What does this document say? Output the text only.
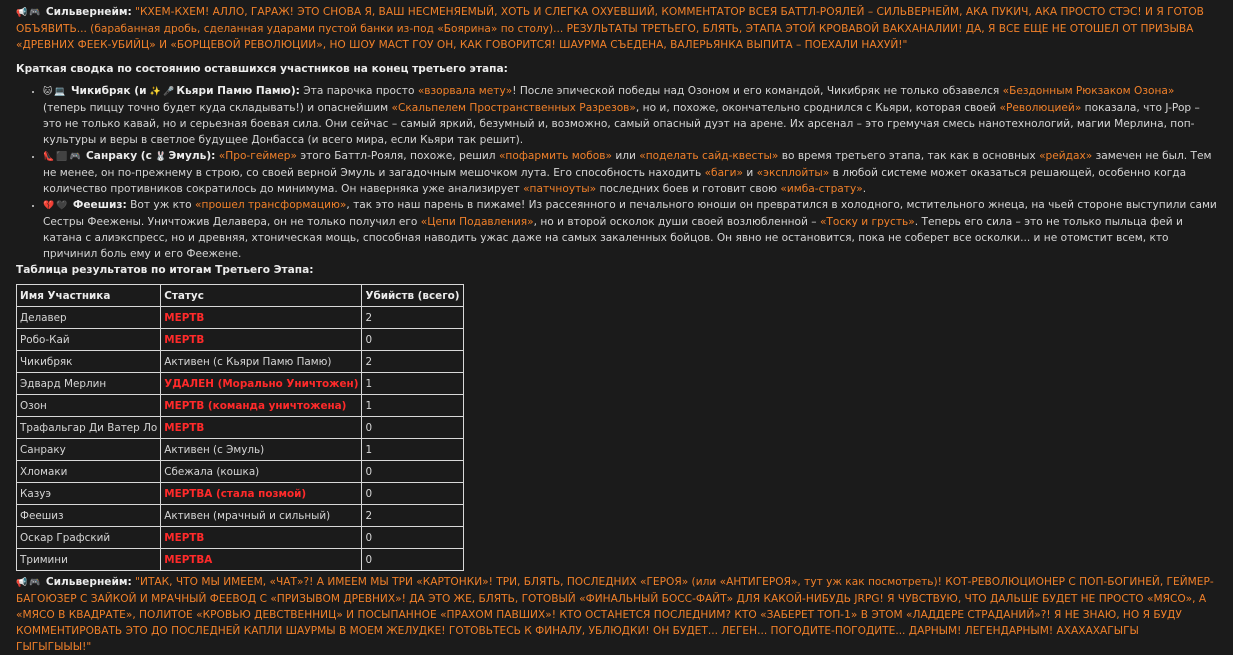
📢 🎮 Сильвернейм: "КХЕМ-КХЕМ! АЛЛО, ГАРАЖ! ЭТО СНОВА Я, ВАШ НЕСМЕНЯЕМЫЙ, ХОТЬ И СЛЕГКА ОХУЕВШИЙ, КОММЕНТАТОР ВСЕЯ БАТТЛ-РОЯЛЕЙ – СИЛЬВЕРНЕЙМ, АКА ПУКИЧ, АКА ПРОСТО СТЭС! И Я ГОТОВ ОБЪЯВИТЬ... (барабанная дробь, сделанная ударами пустой банки из-под «Боярина» по столу)... РЕЗУЛЬТАТЫ ТРЕТЬЕГО, БЛЯТЬ, ЭТАПА ЭТОЙ КРОВАВОЙ ВАКХАНАЛИИ! ДА, Я ВСЕ ЕЩЕ НЕ ОТОШЕЛ ОТ ПРИЗЫВА «ДРЕВНИХ ФЕЕК-УБИЙЦ» И «БОРЩЕВОЙ РЕВОЛЮЦИИ», НО ШОУ МАСТ ГОУ ОН, КАК ГОВОРИТСЯ! ШАУРМА СЪЕДЕНА, ВАЛЕРЬЯНКА ВЫПИТА – ПОЕХАЛИ НАХУЙ!"

Краткая сводка по состоянию оставшихся участников на конец третьего этапа:

• 🐱 💻 Чикибряк (и ✨ 🎤 Кьяри Памю Памю): Эта парочка просто «взорвала мету»! После эпической победы над Озоном и его командой, Чикибряк не только обзавелся «Бездонным Рюкзаком Озона» (теперь пиццу точно будет куда складывать!) и опаснейшим «Скальпелем Пространственных Разрезов», но и, похоже, окончательно сроднился с Кьяри, которая своей «Революцией» показала, что J-Pop – это не только кавай, но и серьезная боевая сила. Они сейчас – самый яркий, безумный и, возможно, самый опасный дуэт на арене. Их арсенал – это гремучая смесь нанотехнологий, магии Мерлина, поп-культуры и веры в светлое будущее Донбасса (и всего мира, если Кьяри так решит).
• 👠 ⬛ 🎮 Санраку (с 🐰 Эмуль): «Про-геймер» этого Баттл-Рояля, похоже, решил «пофармить мобов» или «поделать сайд-квесты» во время третьего этапа, так как в основных «рейдах» замечен не был. Тем не менее, он по-прежнему в строю, со своей верной Эмуль и загадочным мешочком лута. Его способность находить «баги» и «эксплойты» в любой системе может оказаться решающей, особенно когда количество противников сократилось до минимума. Он наверняка уже анализирует «патчноуты» последних боев и готовит свою «имба-страту».
• 💔 🖤 Феешиз: Вот уж кто «прошел трансформацию», так это наш парень в пижаме! Из рассеянного и печального юноши он превратился в холодного, мстительного жнеца, на чьей стороне выступили сами Сестры Феежены. Уничтожив Делавера, он не только получил его «Цепи Подавления», но и второй осколок души своей возлюбленной – «Тоску и грусть». Теперь его сила – это не только пыльца фей и катана с алиэкспресс, но и древняя, хтоническая мощь, способная наводить ужас даже на самых закаленных бойцов. Он явно не остановится, пока не соберет все осколки... и не отомстит всем, кто причинил боль ему и его Феежене.

Таблица результатов по итогам Третьего Этапа:

Имя Участника	Статус	Убийств (всего)
Делавер	МЕРТВ	2
Робо-Кай	МЕРТВ	0
Чикибряк	Активен (с Кьяри Памю Памю)	2
Эдвард Мерлин	УДАЛЕН (Морально Уничтожен)	1
Озон	МЕРТВ (команда уничтожена)	1
Трафальгар Ди Ватер Ло	МЕРТВ	0
Санраку	Активен (с Эмуль)	1
Хломаки	Сбежала (кошка)	0
Казуэ	МЕРТВА (стала позмой)	0
Феешиз	Активен (мрачный и сильный)	2
Оскар Графский	МЕРТВ	0
Тримини	МЕРТВА	0

📢 🎮 Сильвернейм: "ИТАК, ЧТО МЫ ИМЕЕМ, «ЧАТ»?! А ИМЕЕМ МЫ ТРИ «КАРТОНКИ»! ТРИ, БЛЯТЬ, ПОСЛЕДНИХ «ГЕРОЯ» (или «АНТИГЕРОЯ», тут уж как посмотреть)! КОТ-РЕВОЛЮЦИОНЕР С ПОП-БОГИНЕЙ, ГЕЙМЕР-БАГОЮЗЕР С ЗАЙКОЙ И МРАЧНЫЙ ФЕЕВОД С «ПРИЗЫВОМ ДРЕВНИХ»! ДА ЭТО ЖЕ, БЛЯТЬ, ГОТОВЫЙ «ФИНАЛЬНЫЙ БОСС-ФАЙТ» ДЛЯ КАКОЙ-НИБУДЬ JRPG! Я ЧУВСТВУЮ, ЧТО ДАЛЬШЕ БУДЕТ НЕ ПРОСТО «МЯСО», А «МЯСО В КВАДРАТЕ», ПОЛИТОЕ «КРОВЬЮ ДЕВСТВЕННИЦ» И ПОСЫПАННОЕ «ПРАХОМ ПАВШИХ»! КТО ОСТАНЕТСЯ ПОСЛЕДНИМ? КТО «ЗАБЕРЕТ ТОП-1» В ЭТОМ «ЛАДДЕРЕ СТРАДАНИЙ»?! Я НЕ ЗНАЮ, НО Я БУДУ КОММЕНТИРОВАТЬ ЭТО ДО ПОСЛЕДНЕЙ КАПЛИ ШАУРМЫ В МОЕМ ЖЕЛУДКЕ! ГОТОВЬТЕСЬ К ФИНАЛУ, УБЛЮДКИ! ОН БУДЕТ... ЛЕГЕН... ПОГОДИТЕ-ПОГОДИТЕ... ДАРНЫМ! ЛЕГЕНДАРНЫМ! АХАХАХАГЫГЫ ГЫГЫГЫЫЫ!"
